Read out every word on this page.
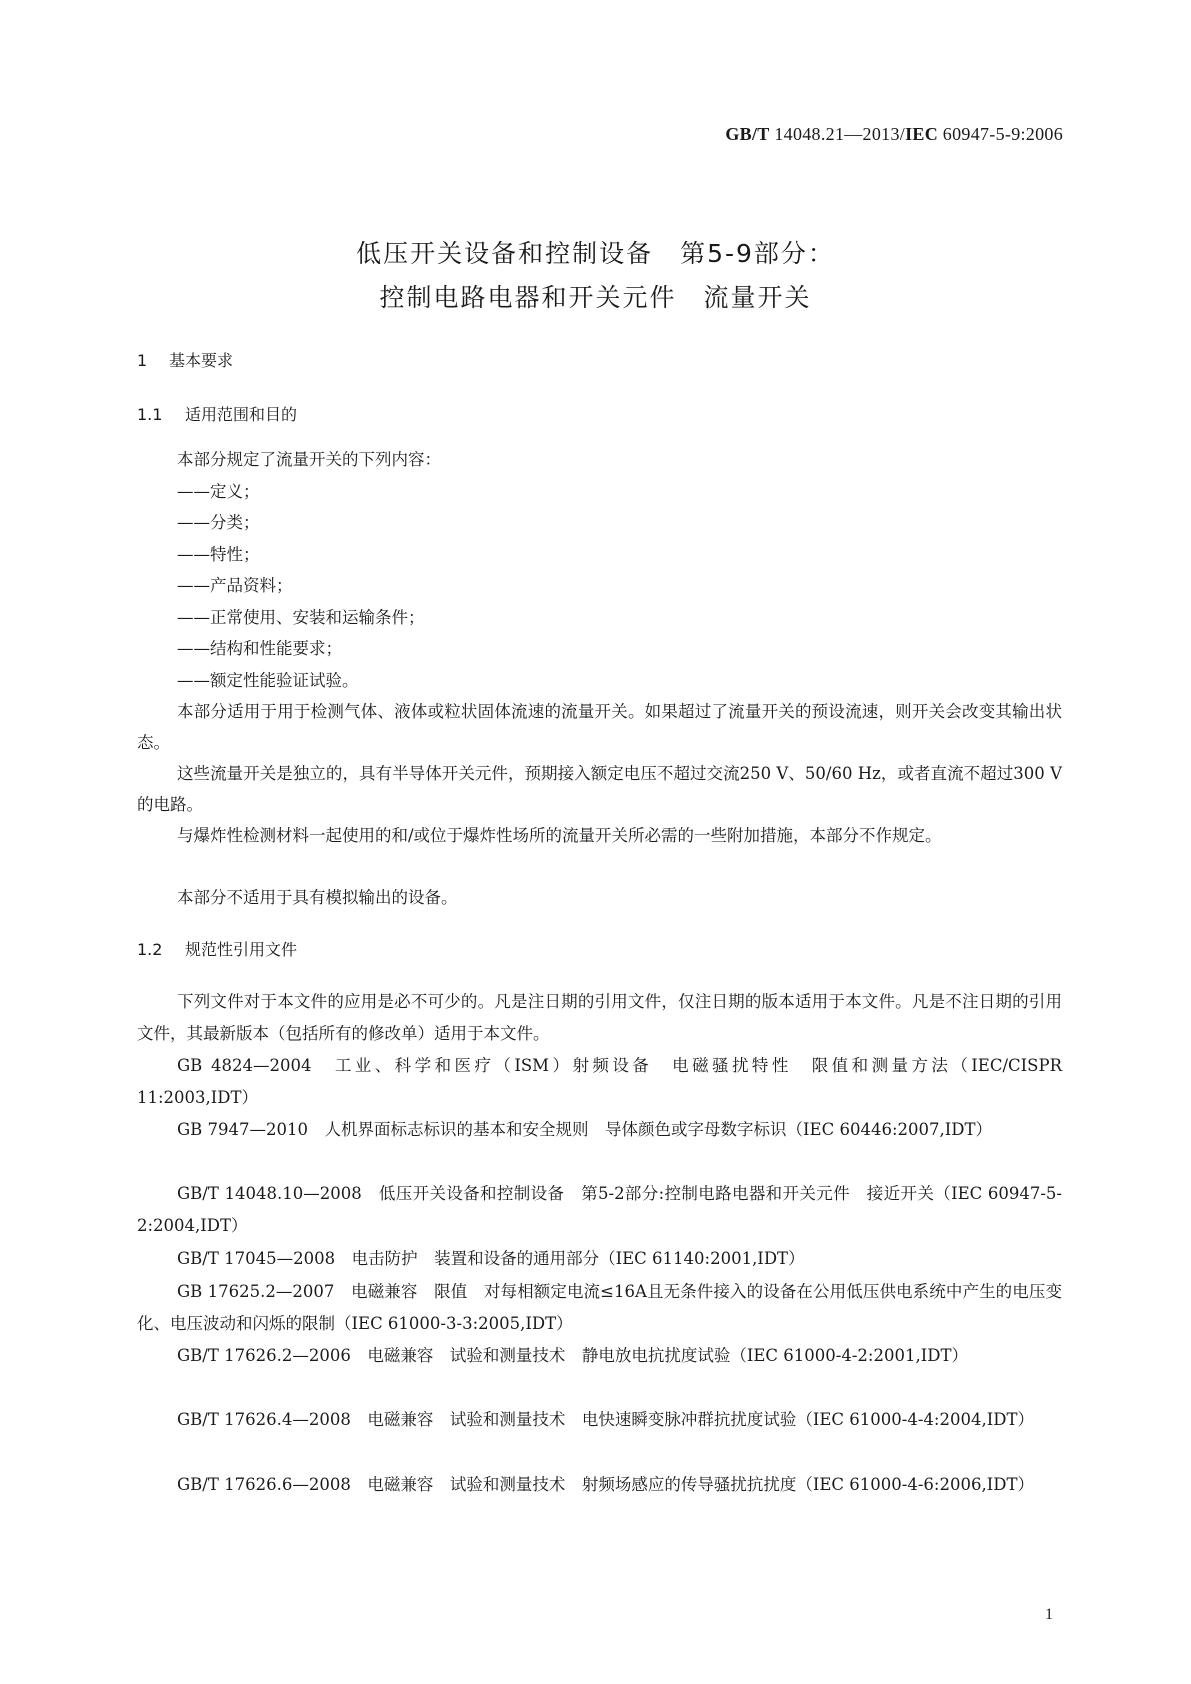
GB/T 14048.21—2013/IEC 60947-5-9:2006
低压开关设备和控制设备　第5-9部分：
控制电路电器和开关元件　流量开关
1 基本要求
1.1 适用范围和目的
本部分规定了流量开关的下列内容：
——定义；
——分类；
——特性；
——产品资料；
——正常使用、安装和运输条件；
——结构和性能要求；
——额定性能验证试验。
本部分适用于用于检测气体、液体或粒状固体流速的流量开关。如果超过了流量开关的预设流速，则开关会改变其输出状态。
这些流量开关是独立的，具有半导体开关元件，预期接入额定电压不超过交流250 V、50/60 Hz，或者直流不超过300 V的电路。
与爆炸性检测材料一起使用的和/或位于爆炸性场所的流量开关所必需的一些附加措施，本部分不作规定。
本部分不适用于具有模拟输出的设备。
1.2 规范性引用文件
下列文件对于本文件的应用是必不可少的。凡是注日期的引用文件，仅注日期的版本适用于本文件。凡是不注日期的引用文件，其最新版本（包括所有的修改单）适用于本文件。
GB 4824—2004　工业、科学和医疗（ISM）射频设备　电磁骚扰特性　限值和测量方法（IEC/CISPR 11:2003,IDT）
GB 7947—2010　人机界面标志标识的基本和安全规则　导体颜色或字母数字标识（IEC 60446:2007,IDT）
GB/T 14048.10—2008　低压开关设备和控制设备　第5-2部分:控制电路电器和开关元件　接近开关（IEC 60947-5-2:2004,IDT）
GB/T 17045—2008　电击防护　装置和设备的通用部分（IEC 61140:2001,IDT）
GB 17625.2—2007　电磁兼容　限值　对每相额定电流≤16A且无条件接入的设备在公用低压供电系统中产生的电压变化、电压波动和闪烁的限制（IEC 61000-3-3:2005,IDT）
GB/T 17626.2—2006　电磁兼容　试验和测量技术　静电放电抗扰度试验（IEC 61000-4-2:2001,IDT）
GB/T 17626.4—2008　电磁兼容　试验和测量技术　电快速瞬变脉冲群抗扰度试验（IEC 61000-4-4:2004,IDT）
GB/T 17626.6—2008　电磁兼容　试验和测量技术　射频场感应的传导骚扰抗扰度（IEC 61000-4-6:2006,IDT）
1
